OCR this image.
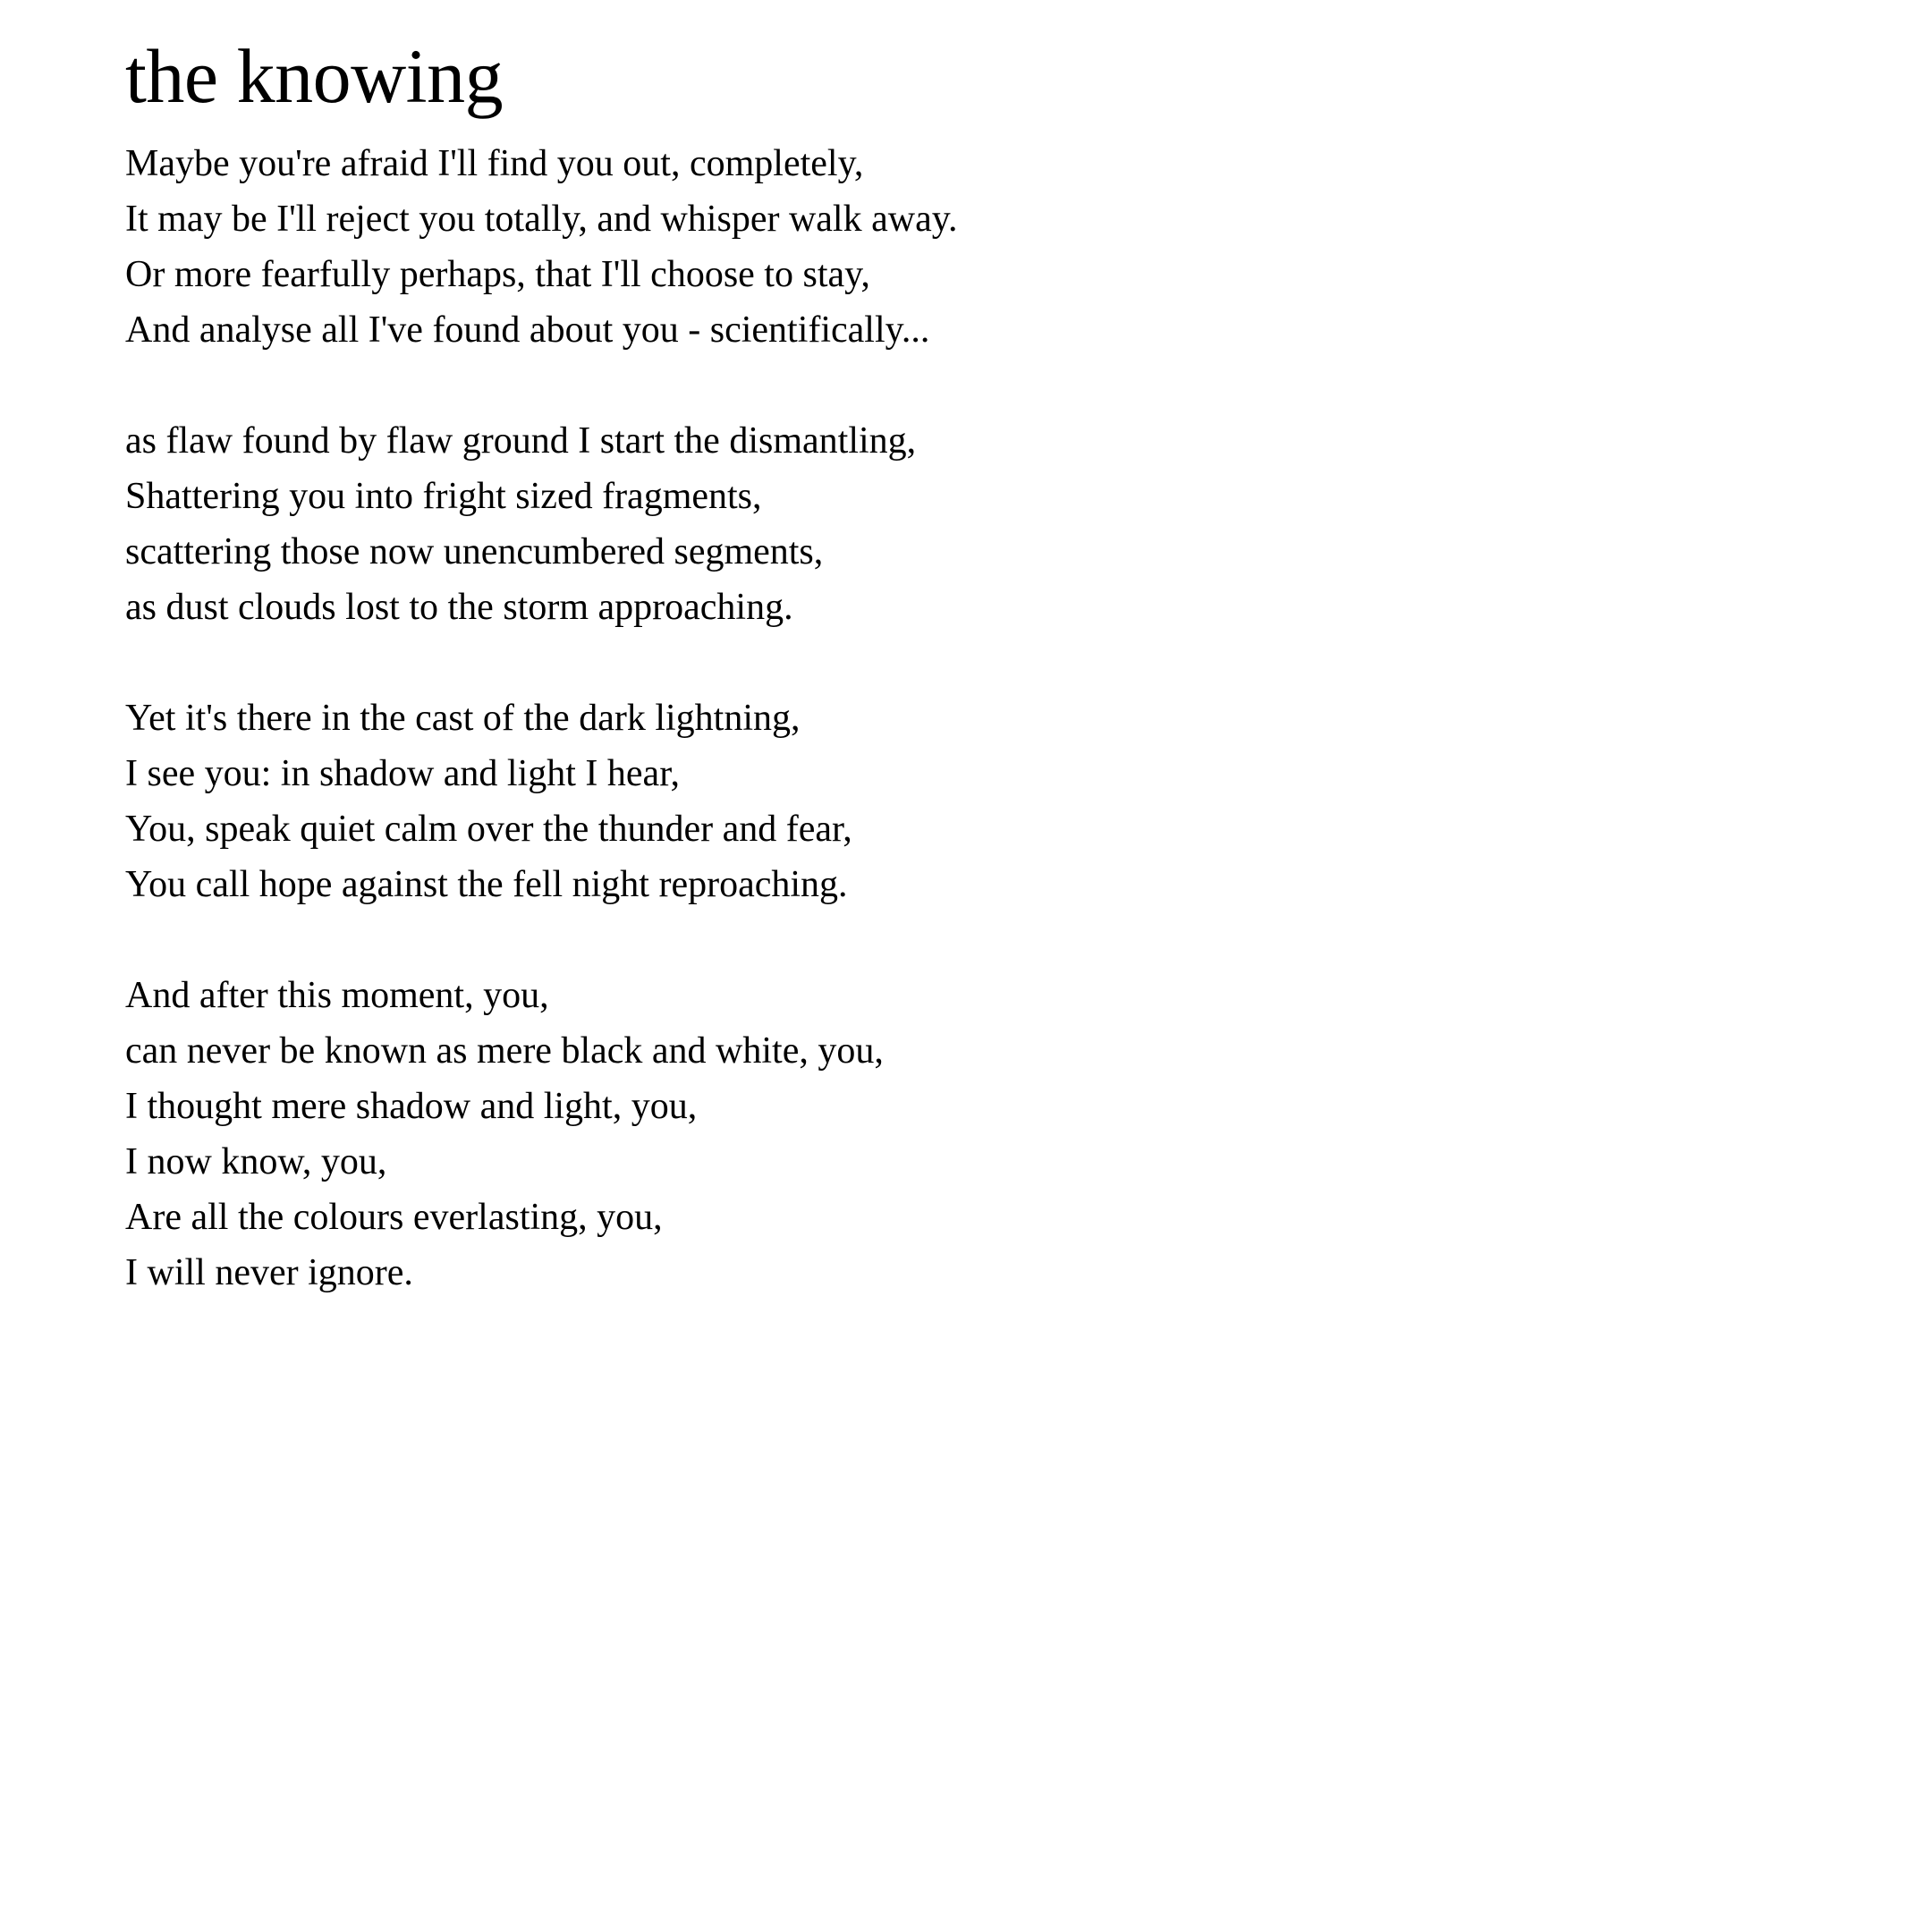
the knowing

Maybe you're afraid I'll find you out, completely,

It may be I'll reject you totally, and whisper walk away.

Or more fearfully perhaps, that I'll choose to stay,

And analyse all I've found about you - scientifically...

as flaw found by flaw ground I start the dismantling,

Shattering you into fright sized fragments,

scattering those now unencumbered segments,

as dust clouds lost to the storm approaching.

Yet it's there in the cast of the dark lightning,

I see you: in shadow and light I hear,

You, speak quiet calm over the thunder and fear,

You call hope against the fell night reproaching.

And after this moment, you,

can never be known as mere black and white, you,

I thought mere shadow and light, you,

I now know, you,

Are all the colours everlasting, you,

I will never ignore.
